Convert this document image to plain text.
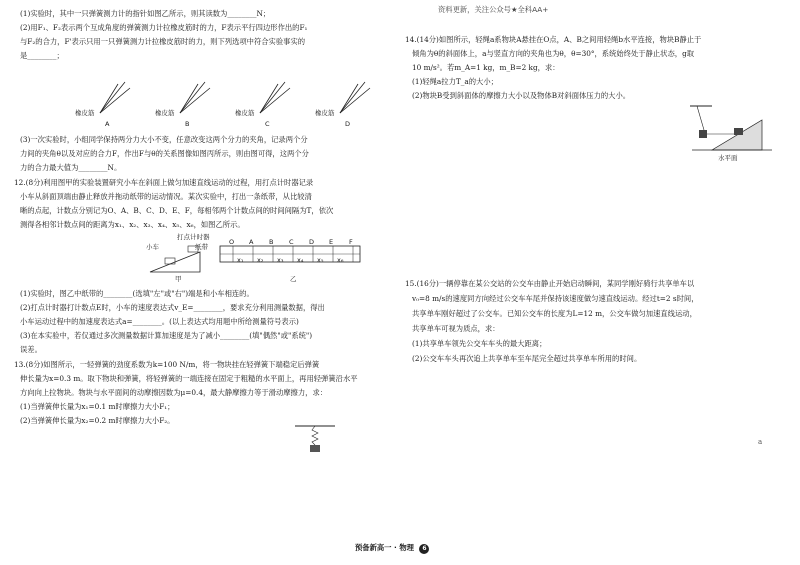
资料更新，关注公众号★全科AA+
(1)实验时，其中一只弹簧测力计的指针如图乙所示，则其读数为________N；
(2)用F₁、F₂表示两个互成角度的弹簧测力计拉橡皮筋时的力，F表示平行四边形作出的F₁
与F₂的合力，F'表示只用一只弹簧测力计拉橡皮筋时的力，则下列选项中符合实验事实的
是________；
橡皮筋	橡皮筋	橡皮筋	橡皮筋
A	B	C	D
(3)一次实验时，小组同学保持两分力大小不变，任意改变这两个分力的夹角，记录两个分
力间的夹角θ以及对应的合力F，作出F与θ的关系图像如图丙所示，则由图可得，这两个分
力的合力最大值为________N。
12.(8分)利用图甲的实验装置研究小车在斜面上做匀加速直线运动的过程，用打点计时器记录
小车从斜面顶端由静止释放并拖动纸带的运动情况。某次实验中，打出一条纸带，从比较清
晰的点起，计数点分别记为O、A、B、C、D、E、F，每相邻两个计数点间的时间间隔为T，依次
测得各相邻计数点间的距离为x₁、x₂、x₃、x₄、x₅、x₆，如图乙所示。
打点计时器
小车	纸带
甲	乙
O A B C D E F
x₁ x₂ x₃ x₄ x₅ x₆
(1)实验时，图乙中纸带的________(选填"左"或"右")端是和小车相连的。
(2)打点计时器打计数点E时，小车的速度表达式v_E=________，要求充分利用测量数据，得出
小车运动过程中的加速度表达式a=________。(以上表达式均用题中所给测量符号表示)
(3)在本实验中，若仅通过多次测量数据计算加速度是为了减小________(填"偶然"或"系统")
误差。
13.(8分)如图所示，一轻弹簧的劲度系数为k=100 N/m，将一物块挂在轻弹簧下端稳定后弹簧
伸长量为x=0.3 m。取下物块和弹簧，将轻弹簧的一端连接在固定于粗糙的水平面上，再用轻弹簧沿水平
方向向上拉物块。物块与水平面间的动摩擦因数为μ=0.4，最大静摩擦力等于滑动摩擦力，求：
(1)当弹簧伸长量为x₁=0.1 m时摩擦力大小F₁；
(2)当弹簧伸长量为x₂=0.2 m时摩擦力大小F₂。
14.(14分)如图所示，轻绳a系物块A悬挂在O点，A、B之间用轻绳b水平连接，物块B静止于
倾角为θ的斜面体上，a与竖直方向的夹角也为θ，θ=30°，系统始终处于静止状态，g取
10 m/s²。若m_A=1 kg，m_B=2 kg，求：
(1)轻绳a拉力T_a的大小；
(2)物块B受到斜面体的摩擦力大小以及物体B对斜面体压力的大小。
水平面
15.(16分)一辆停靠在某公交站的公交车由静止开始启动瞬间，某同学刚好骑行共享单车以
v₀=8 m/s的速度同方向经过公交车车尾并保持该速度做匀速直线运动。经过t=2 s时间，
共享单车刚好超过了公交车。已知公交车的长度为L=12 m，公交车做匀加速直线运动，
共享单车可视为质点，求：
(1)共享单车领先公交车车头的最大距离；
(2)公交车车头再次追上共享单车至车尾完全超过共享单车所用的时间。
a
预备新高一 · 物理 6
